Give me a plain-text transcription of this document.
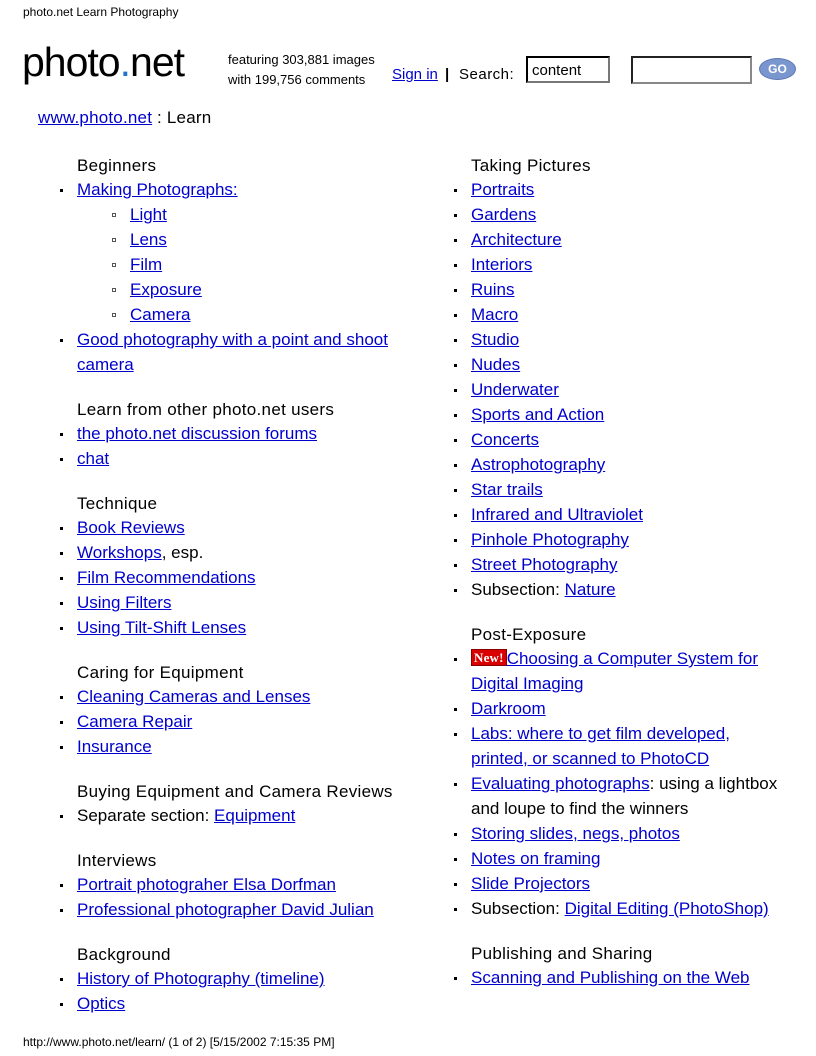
photo.net Learn Photography
photo.net	featuring 303,881 images
with 199,756 comments	Sign in | Search:	content	GO
www.photo.net : Learn
Beginners
Making Photographs:
Light
Lens
Film
Exposure
Camera
Good photography with a point and shoot
camera
Learn from other photo.net users
the photo.net discussion forums
chat
Technique
Book Reviews
Workshops, esp.
Film Recommendations
Using Filters
Using Tilt-Shift Lenses
Caring for Equipment
Cleaning Cameras and Lenses
Camera Repair
Insurance
Buying Equipment and Camera Reviews
Separate section: Equipment
Interviews
Portrait photograher Elsa Dorfman
Professional photographer David Julian
Background
History of Photography (timeline)
Optics
Taking Pictures
Portraits
Gardens
Architecture
Interiors
Ruins
Macro
Studio
Nudes
Underwater
Sports and Action
Concerts
Astrophotography
Star trails
Infrared and Ultraviolet
Pinhole Photography
Street Photography
Subsection: Nature
Post-Exposure
New! Choosing a Computer System for
Digital Imaging
Darkroom
Labs: where to get film developed,
printed, or scanned to PhotoCD
Evaluating photographs: using a lightbox
and loupe to find the winners
Storing slides, negs, photos
Notes on framing
Slide Projectors
Subsection: Digital Editing (PhotoShop)
Publishing and Sharing
Scanning and Publishing on the Web
http://www.photo.net/learn/ (1 of 2) [5/15/2002 7:15:35 PM]
